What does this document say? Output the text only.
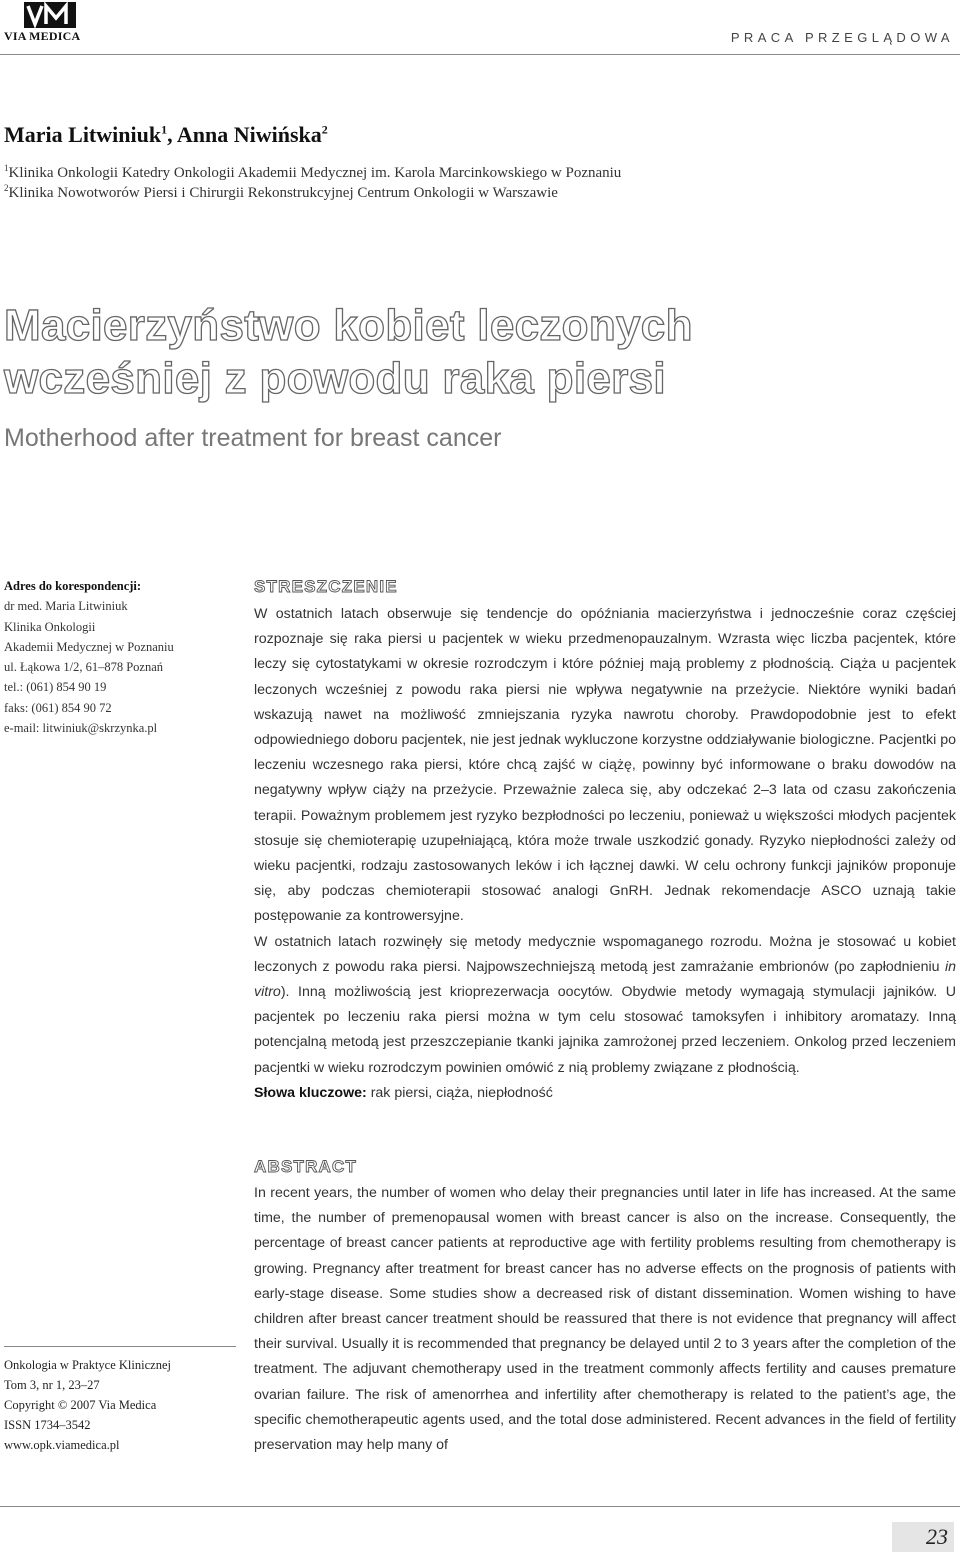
VIA MEDICA	PRACA PRZEGLĄDOWA
Maria Litwiniuk$^1$, Anna Niwińska$^2$
$^1$Klinika Onkologii Katedry Onkologii Akademii Medycznej im. Karola Marcinkowskiego w Poznaniu
$^2$Klinika Nowotworów Piersi i Chirurgii Rekonstrukcyjnej Centrum Onkologii w Warszawie
Macierzyństwo kobiet leczonych
wcześniej z powodu raka piersi
Motherhood after treatment for breast cancer
Adres do korespondencji:
dr med. Maria Litwiniuk
Klinika Onkologii
Akademii Medycznej w Poznaniu
ul. Łąkowa 1/2, 61–878 Poznań
tel.: (061) 854 90 19
faks: (061) 854 90 72
e-mail: litwiniuk@skrzynka.pl
STRESZCZENIE

W ostatnich latach obserwuje się tendencje do opóźniania macierzyństwa i jednocześnie coraz częściej rozpoznaje się raka piersi u pacjentek w wieku przedmenopauzalnym. Wzrasta więc liczba pacjentek, które leczy się cytostatykami w okresie rozrodczym i które później mają problemy z płodnością. Ciąża u pacjentek leczonych wcześniej z powodu raka piersi nie wpływa negatywnie na przeżycie. Niektóre wyniki badań wskazują nawet na możliwość zmniejszania ryzyka nawrotu choroby. Prawdopodobnie jest to efekt odpowiedniego doboru pacjentek, nie jest jednak wykluczone korzystne oddziaływanie biologiczne. Pacjentki po leczeniu wczesnego raka piersi, które chcą zajść w ciążę, powinny być informowane o braku dowodów na negatywny wpływ ciąży na przeżycie. Przeważnie zaleca się, aby odczekać 2–3 lata od czasu zakończenia terapii. Poważnym problemem jest ryzyko bezpłodności po leczeniu, ponieważ u większości młodych pacjentek stosuje się chemioterapię uzupełniającą, która może trwale uszkodzić gonady. Ryzyko niepłodności zależy od wieku pacjentki, rodzaju zastosowanych leków i ich łącznej dawki. W celu ochrony funkcji jajników proponuje się, aby podczas chemioterapii stosować analogi GnRH. Jednak rekomendacje ASCO uznają takie postępowanie za kontrowersyjne.

W ostatnich latach rozwinęły się metody medycznie wspomaganego rozrodu. Można je stosować u kobiet leczonych z powodu raka piersi. Najpowszechniejszą metodą jest zamrażanie embrionów (po zapłodnieniu in vitro). Inną możliwością jest krioprezerwacja oocytów. Obydwie metody wymagają stymulacji jajników. U pacjentek po leczeniu raka piersi można w tym celu stosować tamoksyfen i inhibitory aromatazy. Inną potencjalną metodą jest przeszczepianie tkanki jajnika zamrożonej przed leczeniem. Onkolog przed leczeniem pacjentki w wieku rozrodczym powinien omówić z nią problemy związane z płodnością.

Słowa kluczowe: rak piersi, ciąża, niepłodność

ABSTRACT

In recent years, the number of women who delay their pregnancies until later in life has increased. At the same time, the number of premenopausal women with breast cancer is also on the increase. Consequently, the percentage of breast cancer patients at reproductive age with fertility problems resulting from chemotherapy is growing. Pregnancy after treatment for breast cancer has no adverse effects on the prognosis of patients with early-stage disease. Some studies show a decreased risk of distant dissemination. Women wishing to have children after breast cancer treatment should be reassured that there is not evidence that pregnancy will affect their survival. Usually it is recommended that pregnancy be delayed until 2 to 3 years after the completion of the treatment. The adjuvant chemotherapy used in the treatment commonly affects fertility and causes premature ovarian failure. The risk of amenorrhea and infertility after chemotherapy is related to the patient’s age, the specific chemotherapeutic agents used, and the total dose administered. Recent advances in the field of fertility preservation may help many of

Onkologia w Praktyce Klinicznej
Tom 3, nr 1, 23–27
Copyright © 2007 Via Medica
ISSN 1734–3542
www.opk.viamedica.pl
23
